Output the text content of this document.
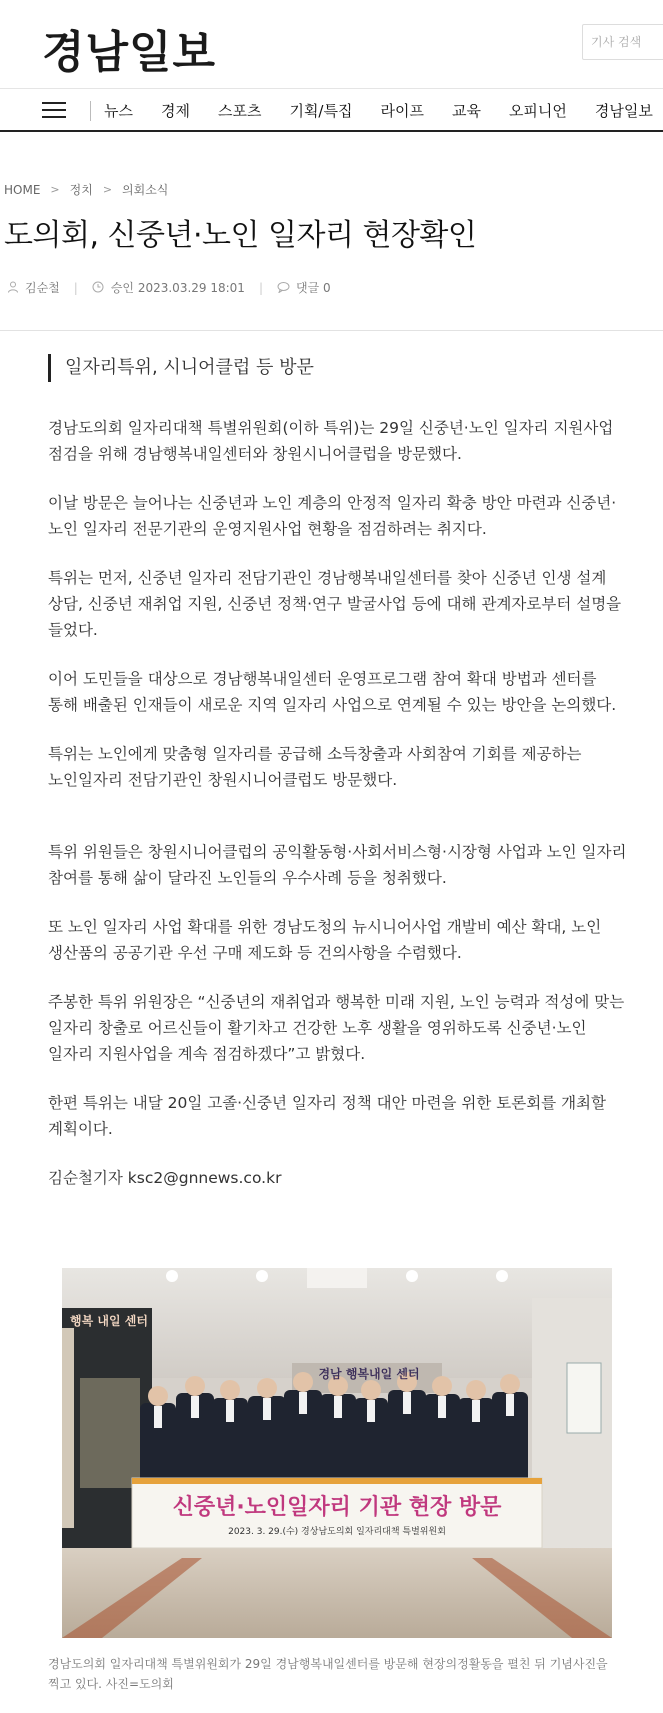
경남일보
기사 검색
뉴스 경제 스포츠 기획/특집 라이프 교육 오피니언 경남일보
HOME > 정치 > 의회소식
도의회, 신중년·노인 일자리 현장확인
김순철 |	승인 2023.03.29 18:01 |	댓글 0
일자리특위, 시니어클럽 등 방문

경남도의회 일자리대책 특별위원회(이하 특위)는 29일 신중년·노인 일자리 지원사업 점검을 위해 경남행복내일센터와 창원시니어클럽을 방문했다.

이날 방문은 늘어나는 신중년과 노인 계층의 안정적 일자리 확충 방안 마련과 신중년·노인 일자리 전문기관의 운영지원사업 현황을 점검하려는 취지다.

특위는 먼저, 신중년 일자리 전담기관인 경남행복내일센터를 찾아 신중년 인생 설계 상담, 신중년 재취업 지원, 신중년 정책·연구 발굴사업 등에 대해 관계자로부터 설명을 들었다.

이어 도민들을 대상으로 경남행복내일센터 운영프로그램 참여 확대 방법과 센터를 통해 배출된 인재들이 새로운 지역 일자리 사업으로 연계될 수 있는 방안을 논의했다.

특위는 노인에게 맞춤형 일자리를 공급해 소득창출과 사회참여 기회를 제공하는 노인일자리 전담기관인 창원시니어클럽도 방문했다.

특위 위원들은 창원시니어클럽의 공익활동형·사회서비스형·시장형 사업과 노인 일자리 참여를 통해 삶이 달라진 노인들의 우수사례 등을 청취했다.

또 노인 일자리 사업 확대를 위한 경남도청의 뉴시니어사업 개발비 예산 확대, 노인 생산품의 공공기관 우선 구매 제도화 등 건의사항을 수렴했다.

주봉한 특위 위원장은 “신중년의 재취업과 행복한 미래 지원, 노인 능력과 적성에 맞는 일자리 창출로 어르신들이 활기차고 건강한 노후 생활을 영위하도록 신중년·노인 일자리 지원사업을 계속 점검하겠다”고 밝혔다.

한편 특위는 내달 20일 고졸·신중년 일자리 정책 대안 마련을 위한 토론회를 개최할 계획이다.

김순철기자 ksc2@gnnews.co.kr

경남 행복내일 센터
행복 내일 센터
신중년·노인일자리 기관 현장 방문
2023. 3. 29.(수) 경상남도의회 일자리대책 특별위원회
경남도의회 일자리대책 특별위원회가 29일 경남행복내일센터를 방문해 현장의정활동을 펼친 뒤 기념사진을 찍고 있다. 사진=도의회
